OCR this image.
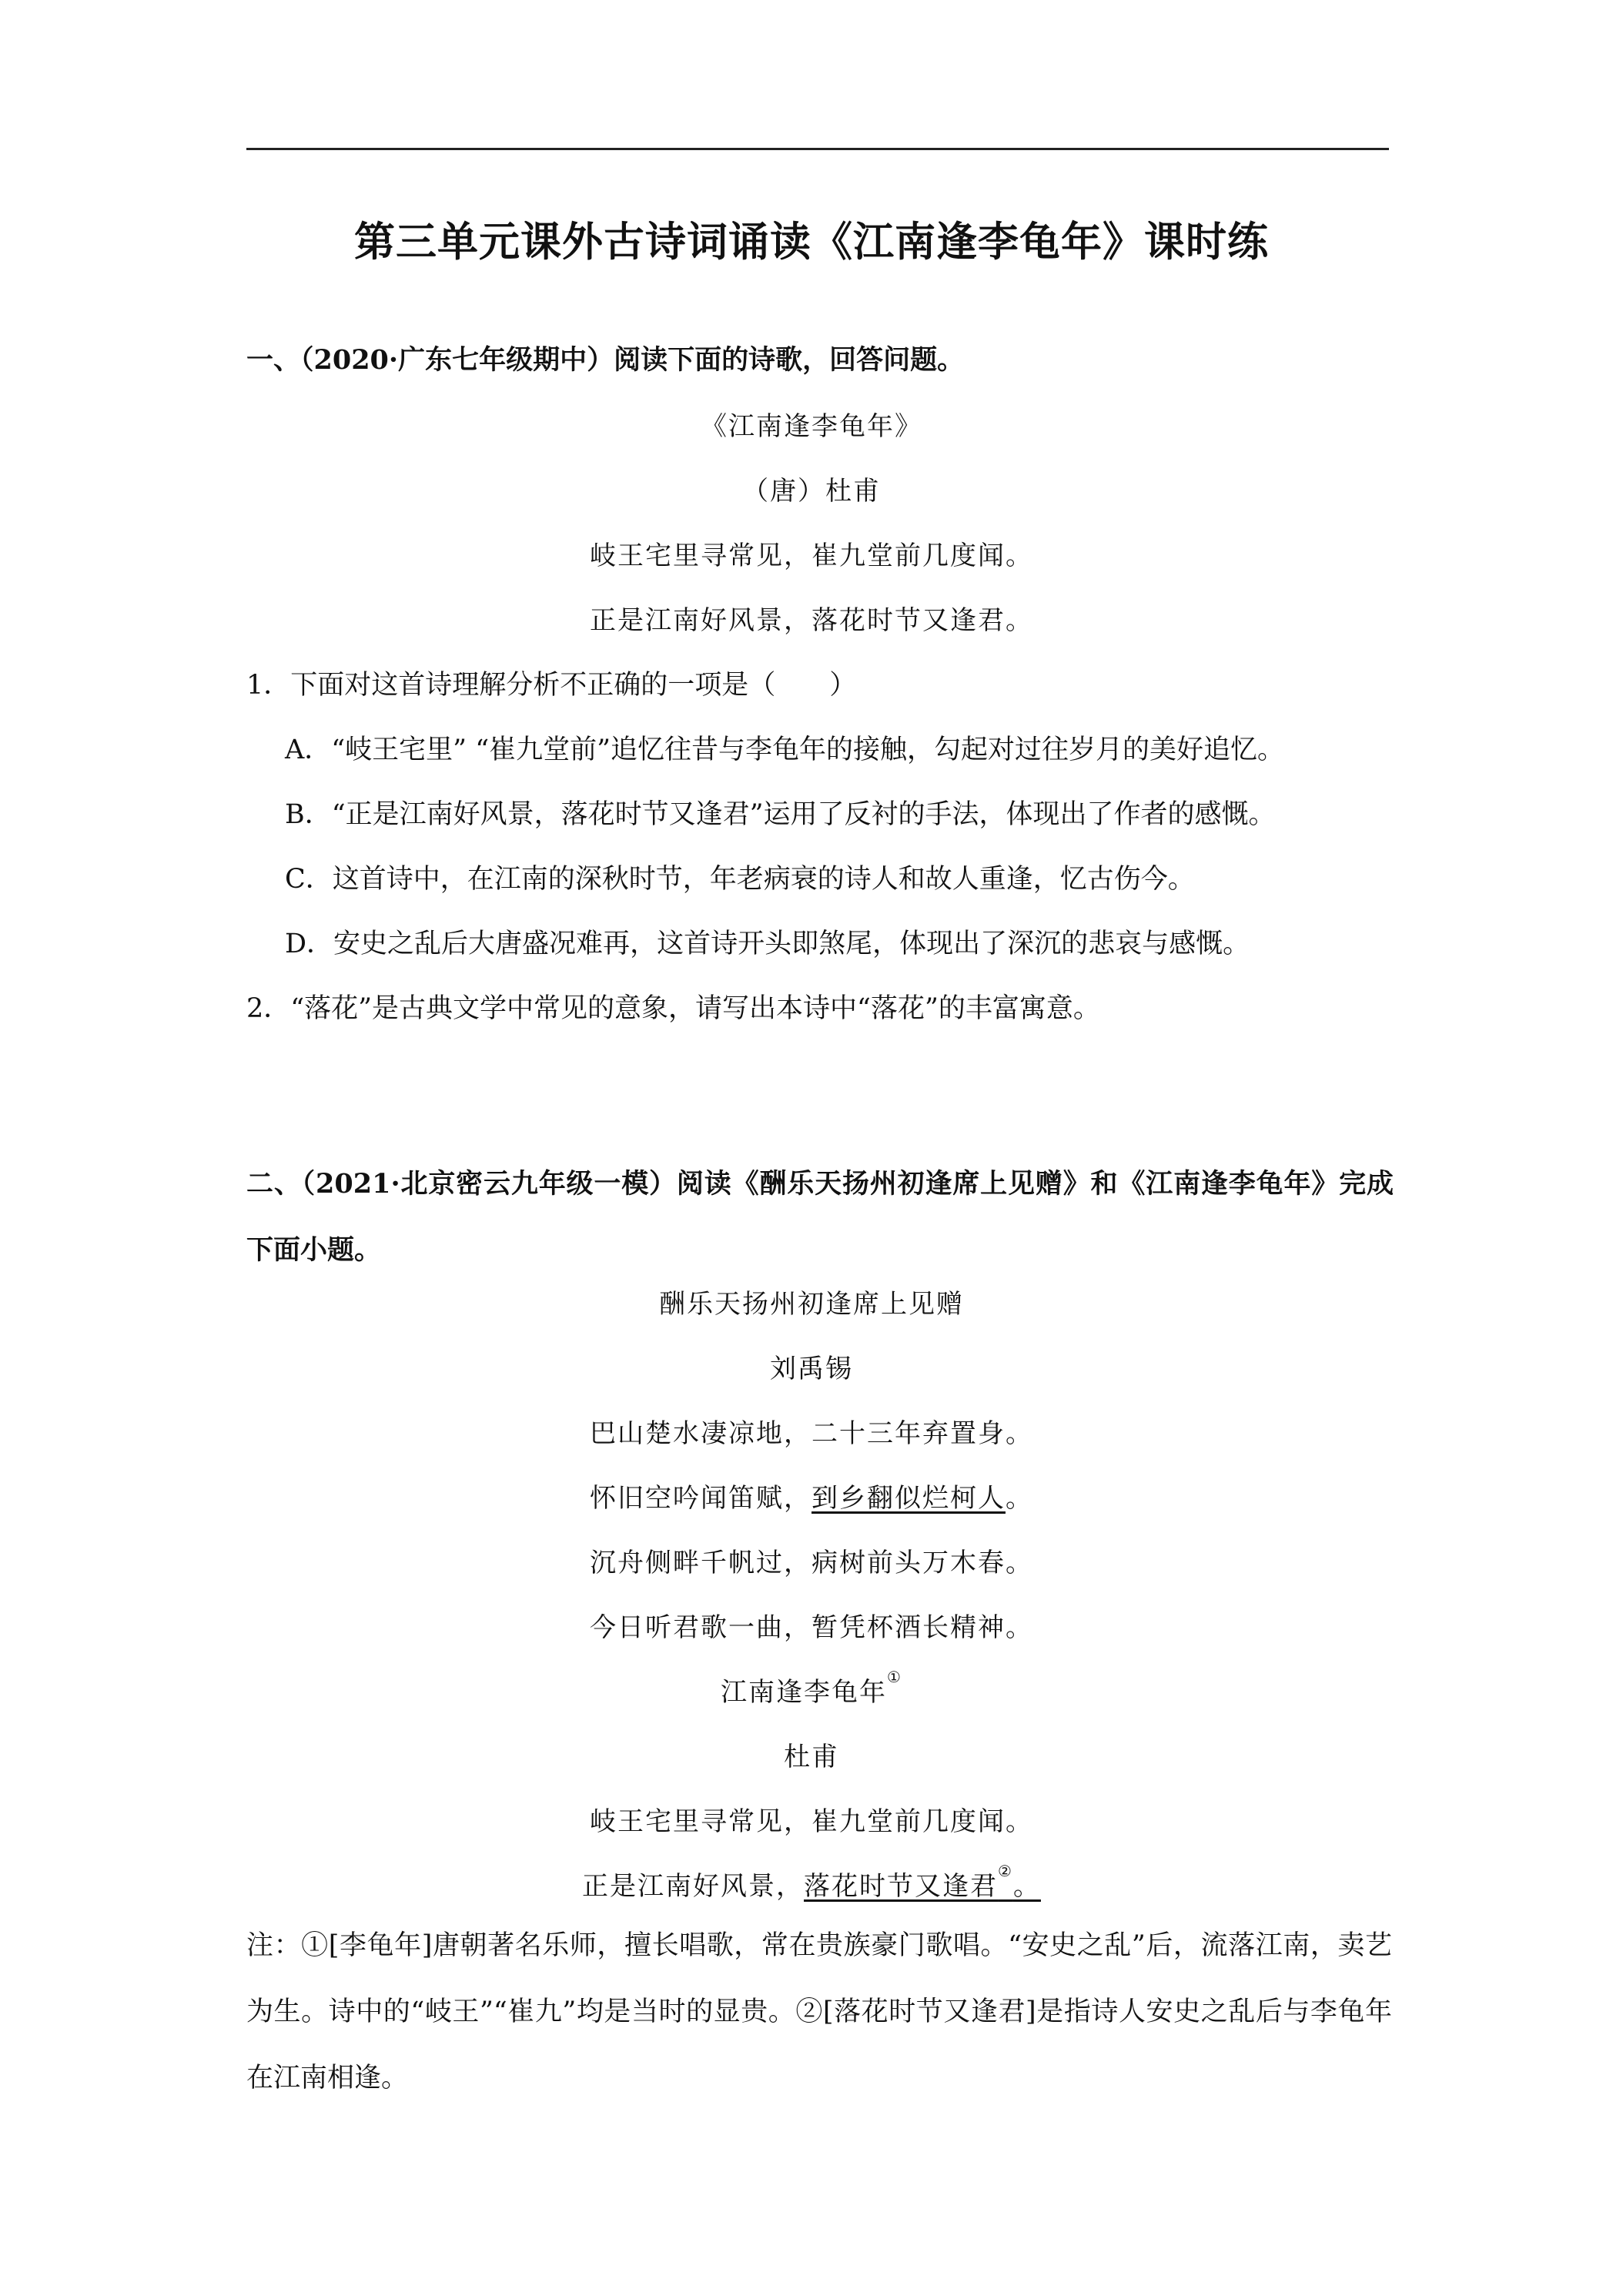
第三单元课外古诗词诵读《江南逢李龟年》课时练
一、（2020·广东七年级期中）阅读下面的诗歌，回答问题。
《江南逢李龟年》
（唐）杜甫
岐王宅里寻常见，崔九堂前几度闻。
正是江南好风景，落花时节又逢君。
1．下面对这首诗理解分析不正确的一项是（　　）
A．“岐王宅里” “崔九堂前”追忆往昔与李龟年的接触，勾起对过往岁月的美好追忆。
B．“正是江南好风景，落花时节又逢君”运用了反衬的手法，体现出了作者的感慨。
C．这首诗中，在江南的深秋时节，年老病衰的诗人和故人重逢，忆古伤今。
D．安史之乱后大唐盛况难再，这首诗开头即煞尾，体现出了深沉的悲哀与感慨。
2．“落花”是古典文学中常见的意象，请写出本诗中“落花”的丰富寓意。
二、（2021·北京密云九年级一模）阅读《酬乐天扬州初逢席上见赠》和《江南逢李龟年》完成下面小题。
酬乐天扬州初逢席上见赠
刘禹锡
巴山楚水凄凉地，二十三年弃置身。
怀旧空吟闻笛赋，到乡翻似烂柯人。
沉舟侧畔千帆过，病树前头万木春。
今日听君歌一曲，暂凭杯酒长精神。
江南逢李龟年①
杜甫
岐王宅里寻常见，崔九堂前几度闻。
正是江南好风景，落花时节又逢君②。
注：①[李龟年]唐朝著名乐师，擅长唱歌，常在贵族豪门歌唱。“安史之乱”后，流落江南，卖艺为生。诗中的“岐王”“崔九”均是当时的显贵。②[落花时节又逢君]是指诗人安史之乱后与李龟年在江南相逢。
